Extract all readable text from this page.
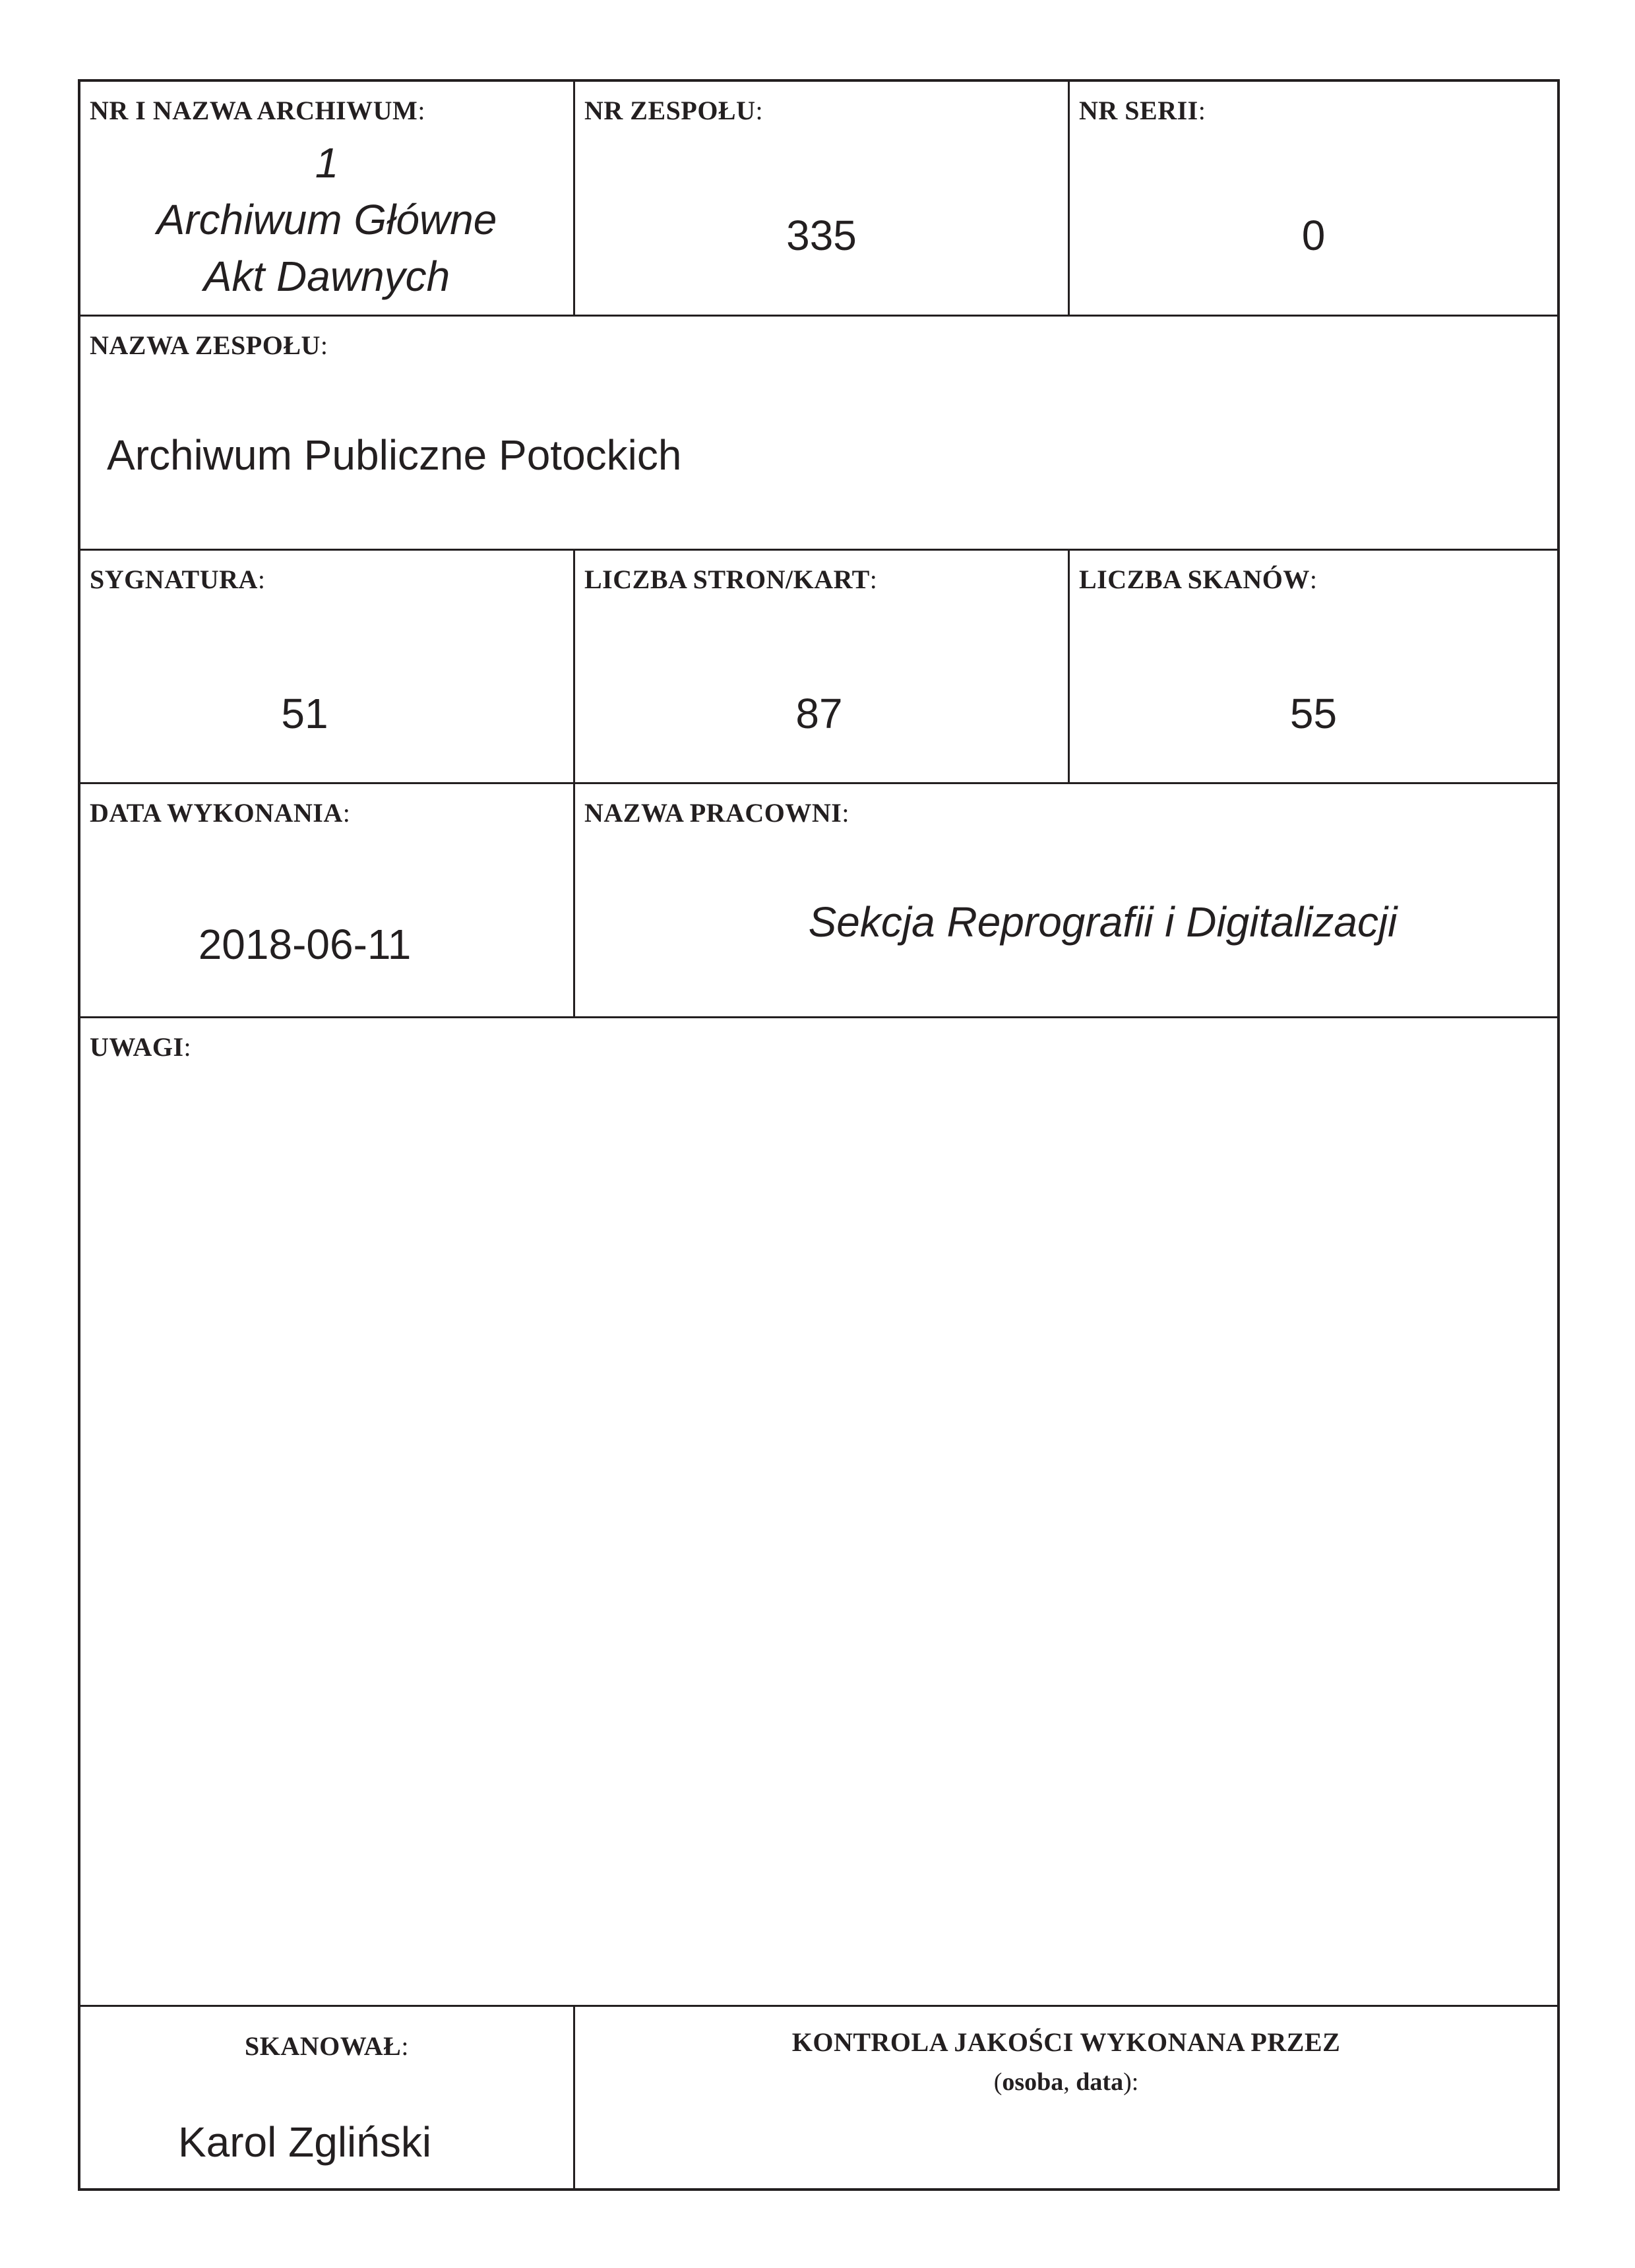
NR I NAZWA ARCHIWUM:
1
Archiwum Główne
Akt Dawnych
NR ZESPOŁU:
335
NR SERII:
0
NAZWA ZESPOŁU:
Archiwum Publiczne Potockich
SYGNATURA:
51
LICZBA STRON/KART:
87
LICZBA SKANÓW:
55
DATA WYKONANIA:
2018-06-11
NAZWA PRACOWNI:
Sekcja Reprografii i Digitalizacji
UWAGI:
SKANOWAŁ:
Karol Zgliński
KONTROLA JAKOŚCI WYKONANA PRZEZ
(osoba, data):
